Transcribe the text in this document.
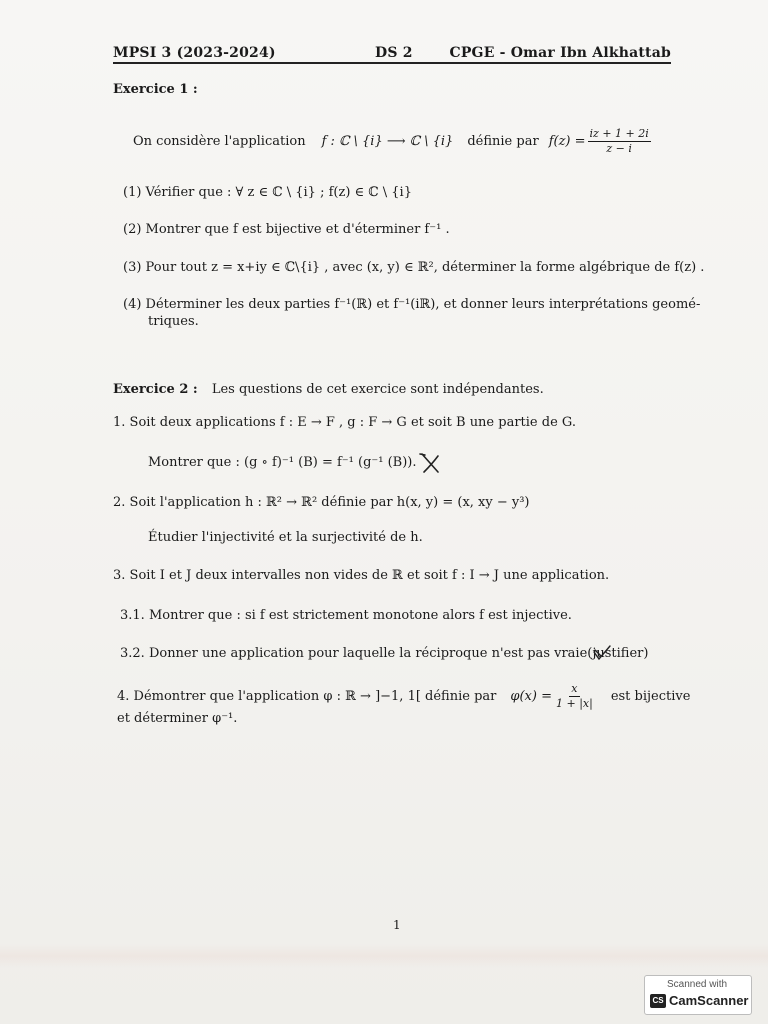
MPSI 3 (2023-2024)	DS 2	CPGE - Omar Ibn Alkhattab
Exercice 1 :
On considère l'application f : ℂ \ {i} ⟶ ℂ \ {i} définie par $f(z) = \frac{iz + 1 + 2i}{z - i}$
(1) Vérifier que : ∀ z ∈ ℂ \ {i} ; f(z) ∈ ℂ \ {i}
(2) Montrer que f est bijective et d'éterminer f⁻¹ .
(3) Pour tout z = x+iy ∈ ℂ\{i} , avec (x, y) ∈ ℝ², déterminer la forme algébrique de f(z) .
(4) Déterminer les deux parties f⁻¹(ℝ) et f⁻¹(iℝ), et donner leurs interprétations geomé-
triques.
Exercice 2 : Les questions de cet exercice sont indépendantes.
1. Soit deux applications f : E → F , g : F → G et soit B une partie de G.
Montrer que : (g ∘ f)⁻¹ (B) = f⁻¹ (g⁻¹ (B)).
2. Soit l'application h : ℝ² → ℝ² définie par h(x, y) = (x, xy − y³)
Étudier l'injectivité et la surjectivité de h.
3. Soit I et J deux intervalles non vides de ℝ et soit f : I → J une application.
3.1. Montrer que : si f est strictement monotone alors f est injective.
3.2. Donner une application pour laquelle la réciproque n'est pas vraie(justifier)
4. Démontrer que l'application φ : ℝ → ]−1, 1[ définie par $\varphi(x) = \frac{x}{1 + |x|}$ est bijective
et déterminer φ⁻¹.
1
Scanned with
CS CamScanner
